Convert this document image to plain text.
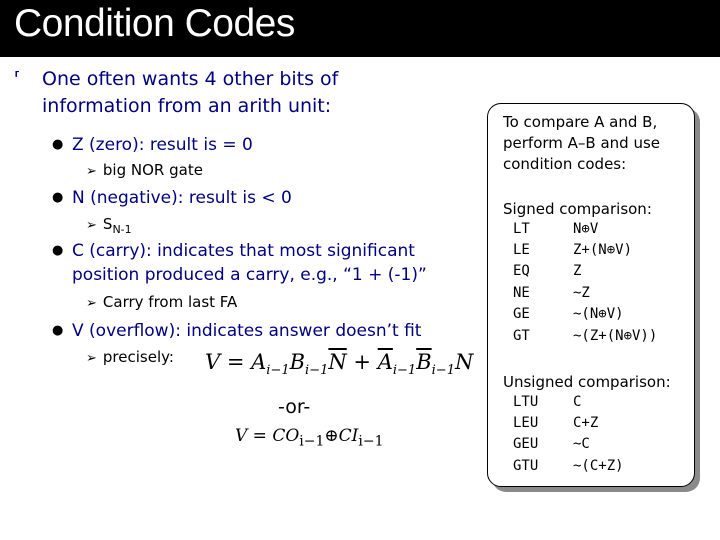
Condition Codes
⸢ One often wants 4 other bits of information from an arith unit:
● Z (zero): result is = 0
➢ big NOR gate
● N (negative): result is < 0
➢ $S_{N-1}$
● C (carry): indicates that most significant position produced a carry, e.g., “1 + (-1)”
➢ Carry from last FA
● V (overflow): indicates answer doesn’t fit
➢ precisely: $V = A_{i-1}B_{i-1}\overline{N} + \overline{A}_{i-1}\overline{B}_{i-1}N$
-or-
$V = CO_{i-1}\oplus CI_{i-1}$
To compare A and B, perform A–B and use condition codes:
Signed comparison:
LT	N⊕V
LE	Z+(N⊕V)
EQ	Z
NE	~Z
GE	~(N⊕V)
GT	~(Z+(N⊕V))
Unsigned comparison:
LTU C
LEU C+Z
GEU ~C
GTU ~(C+Z)
